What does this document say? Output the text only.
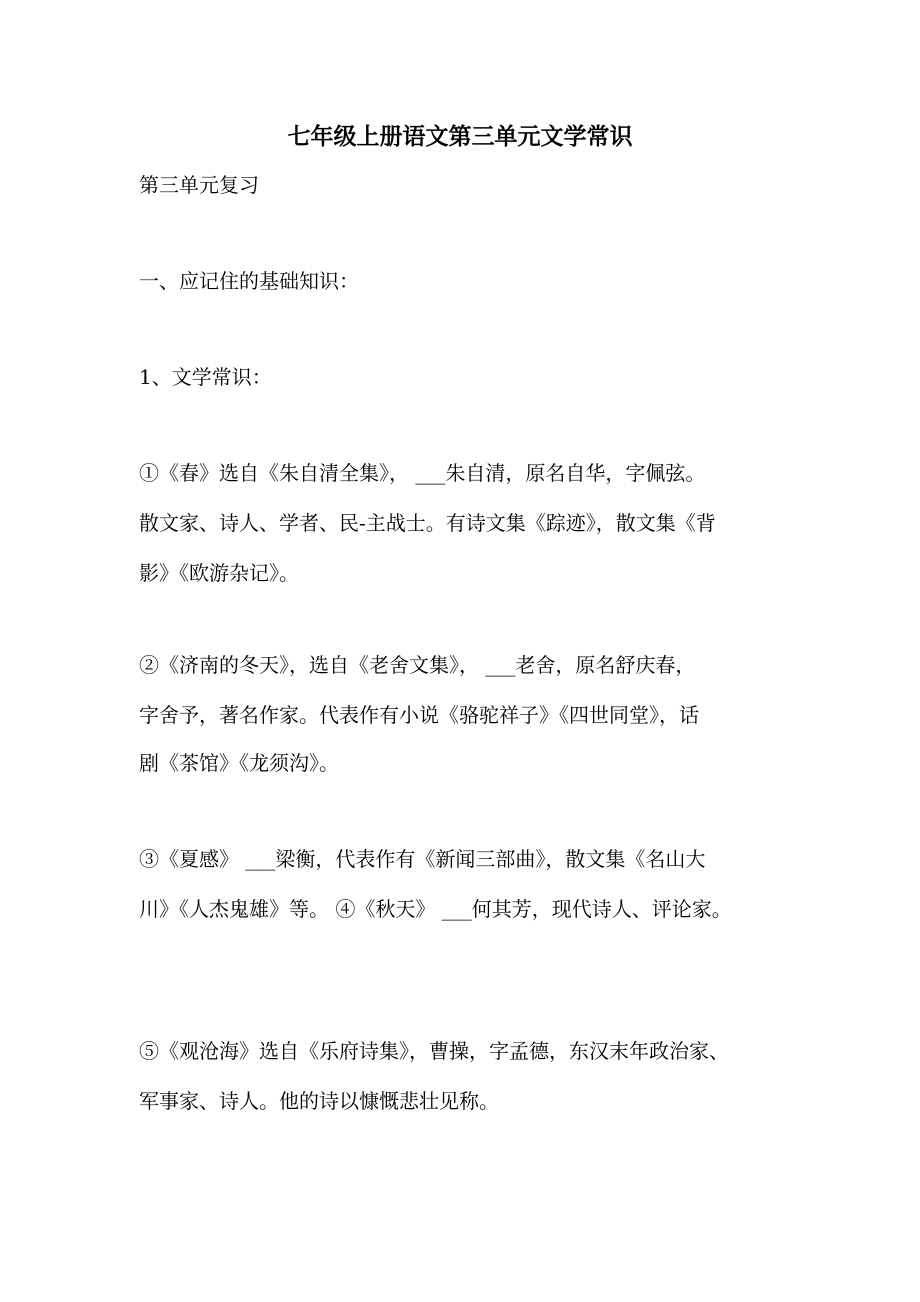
七年级上册语文第三单元文学常识
第三单元复习
一、应记住的基础知识：
1、文学常识：
①《春》选自《朱自清全集》， ___朱自清，原名自华，字佩弦。
散文家、诗人、学者、民-主战士。有诗文集《踪迹》，散文集《背
影》《欧游杂记》。
②《济南的冬天》，选自《老舍文集》， ___老舍，原名舒庆春，
字舍予，著名作家。代表作有小说《骆驼祥子》《四世同堂》，话
剧《茶馆》《龙须沟》。
③《夏感》 ___梁衡，代表作有《新闻三部曲》，散文集《名山大
川》《人杰鬼雄》等。 ④《秋天》 ___何其芳，现代诗人、评论家。
⑤《观沧海》选自《乐府诗集》，曹操，字孟德，东汉末年政治家、
军事家、诗人。他的诗以慷慨悲壮见称。
